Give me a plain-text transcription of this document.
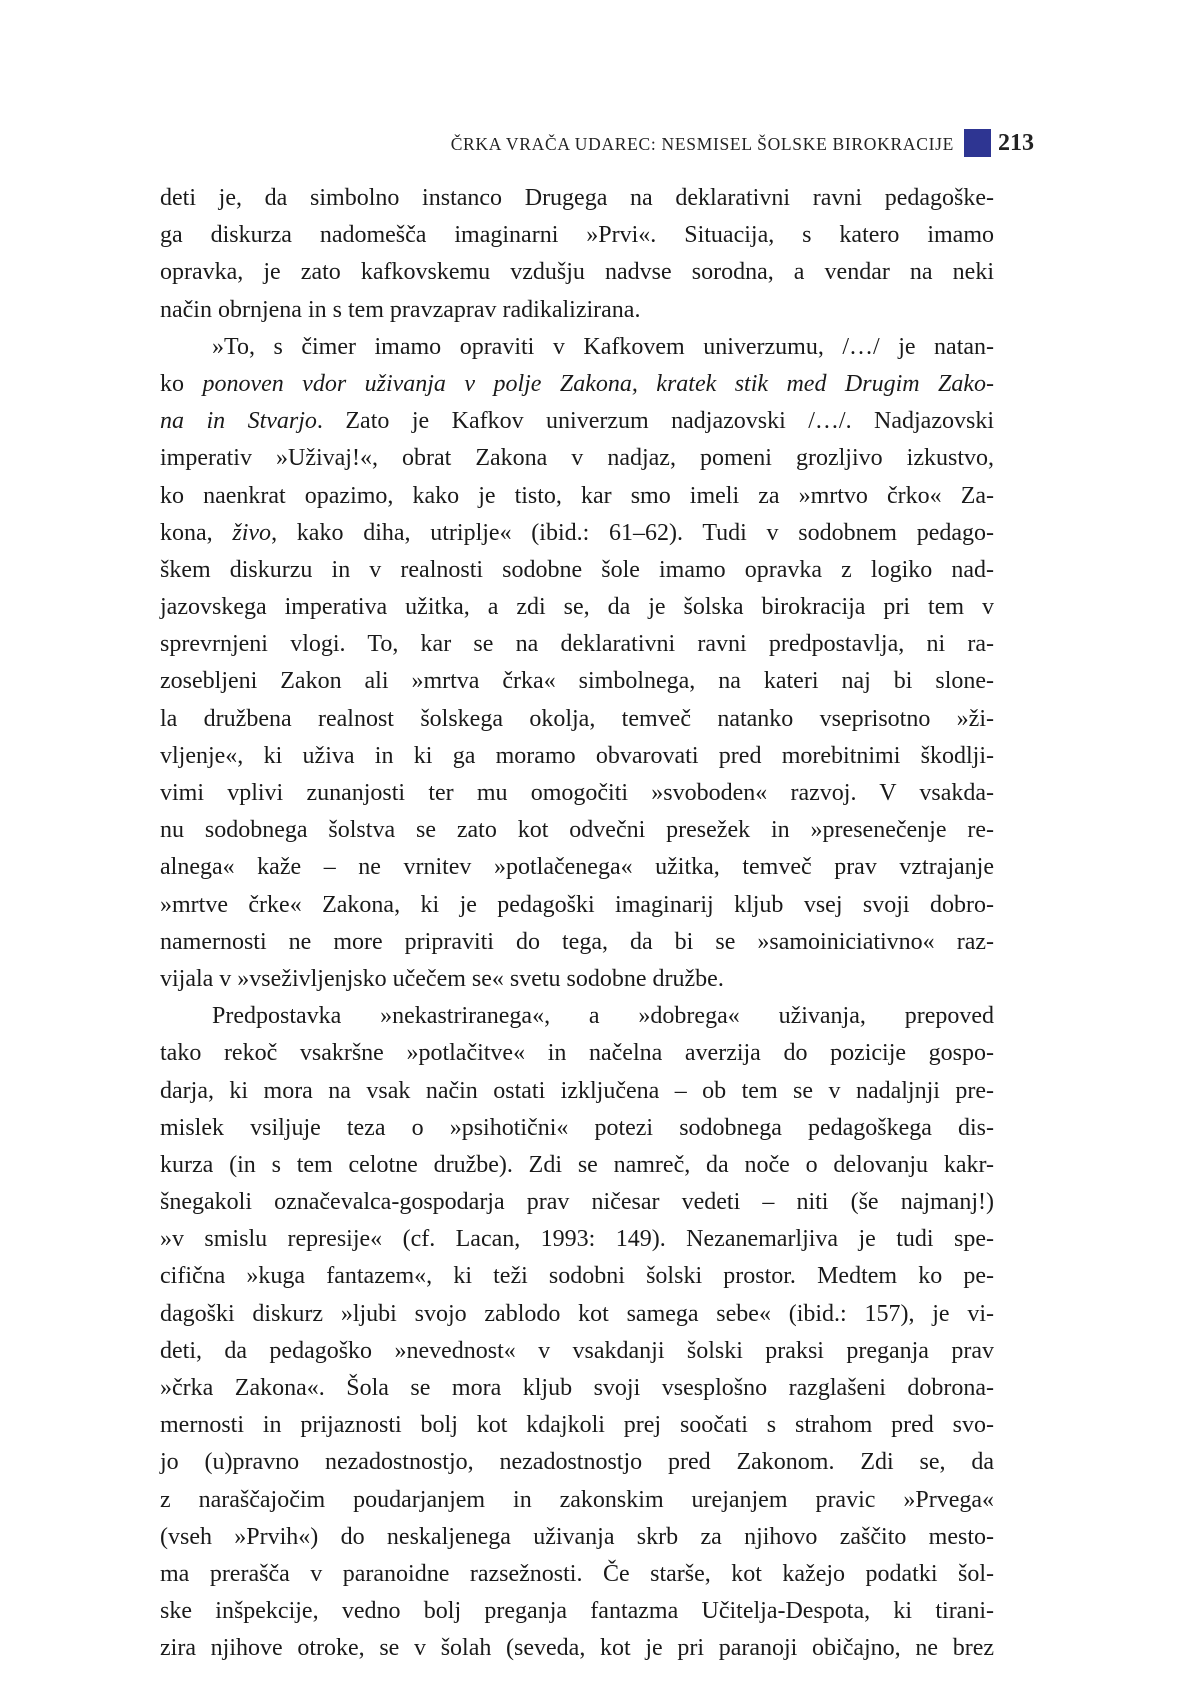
ČRKA VRAČA UDAREC: NESMISEL ŠOLSKE BIROKRACIJE 213
deti je, da simbolno instanco Drugega na deklarativni ravni pedagoške-
ga diskurza nadomešča imaginarni »Prvi«. Situacija, s katero imamo
opravka, je zato kafkovskemu vzdušju nadvse sorodna, a vendar na neki
način obrnjena in s tem pravzaprav radikalizirana.
»To, s čimer imamo opraviti v Kafkovem univerzumu, /…/ je natan-
ko ponoven vdor uživanja v polje Zakona, kratek stik med Drugim Zako-
na in Stvarjo. Zato je Kafkov univerzum nadjazovski /…/. Nadjazovski
imperativ »Uživaj!«, obrat Zakona v nadjaz, pomeni grozljivo izkustvo,
ko naenkrat opazimo, kako je tisto, kar smo imeli za »mrtvo črko« Za-
kona, živo, kako diha, utriplje« (ibid.: 61–62). Tudi v sodobnem pedago-
škem diskurzu in v realnosti sodobne šole imamo opravka z logiko nad-
jazovskega imperativa užitka, a zdi se, da je šolska birokracija pri tem v
sprevrnjeni vlogi. To, kar se na deklarativni ravni predpostavlja, ni ra-
zosebljeni Zakon ali »mrtva črka« simbolnega, na kateri naj bi slone-
la družbena realnost šolskega okolja, temveč natanko vseprisotno »ži-
vljenje«, ki uživa in ki ga moramo obvarovati pred morebitnimi škodlji-
vimi vplivi zunanjosti ter mu omogočiti »svoboden« razvoj. V vsakda-
nu sodobnega šolstva se zato kot odvečni presežek in »presenečenje re-
alnega« kaže – ne vrnitev »potlačenega« užitka, temveč prav vztrajanje
»mrtve črke« Zakona, ki je pedagoški imaginarij kljub vsej svoji dobro-
namernosti ne more pripraviti do tega, da bi se »samoiniciativno« raz-
vijala v »vseživljenjsko učečem se« svetu sodobne družbe.
Predpostavka »nekastriranega«, a »dobrega« uživanja, prepoved
tako rekoč vsakršne »potlačitve« in načelna averzija do pozicije gospo-
darja, ki mora na vsak način ostati izključena – ob tem se v nadaljnji pre-
mislek vsiljuje teza o »psihotični« potezi sodobnega pedagoškega dis-
kurza (in s tem celotne družbe). Zdi se namreč, da noče o delovanju kakr-
šnegakoli označevalca-gospodarja prav ničesar vedeti – niti (še najmanj!)
»v smislu represije« (cf. Lacan, 1993: 149). Nezanemarljiva je tudi spe-
cifična »kuga fantazem«, ki teži sodobni šolski prostor. Medtem ko pe-
dagoški diskurz »ljubi svojo zablodo kot samega sebe« (ibid.: 157), je vi-
deti, da pedagoško »nevednost« v vsakdanji šolski praksi preganja prav
»črka Zakona«. Šola se mora kljub svoji vsesplošno razglašeni dobrona-
mernosti in prijaznosti bolj kot kdajkoli prej soočati s strahom pred svo-
jo (u)pravno nezadostnostjo, nezadostnostjo pred Zakonom. Zdi se, da
z naraščajočim poudarjanjem in zakonskim urejanjem pravic »Prvega«
(vseh »Prvih«) do neskaljenega uživanja skrb za njihovo zaščito mesto-
ma preraščа v paranoidne razsežnosti. Če starše, kot kažejo podatki šol-
ske inšpekcije, vedno bolj preganja fantazma Učitelja-Despota, ki tirani-
zira njihove otroke, se v šolah (seveda, kot je pri paranoji običajno, ne brez
